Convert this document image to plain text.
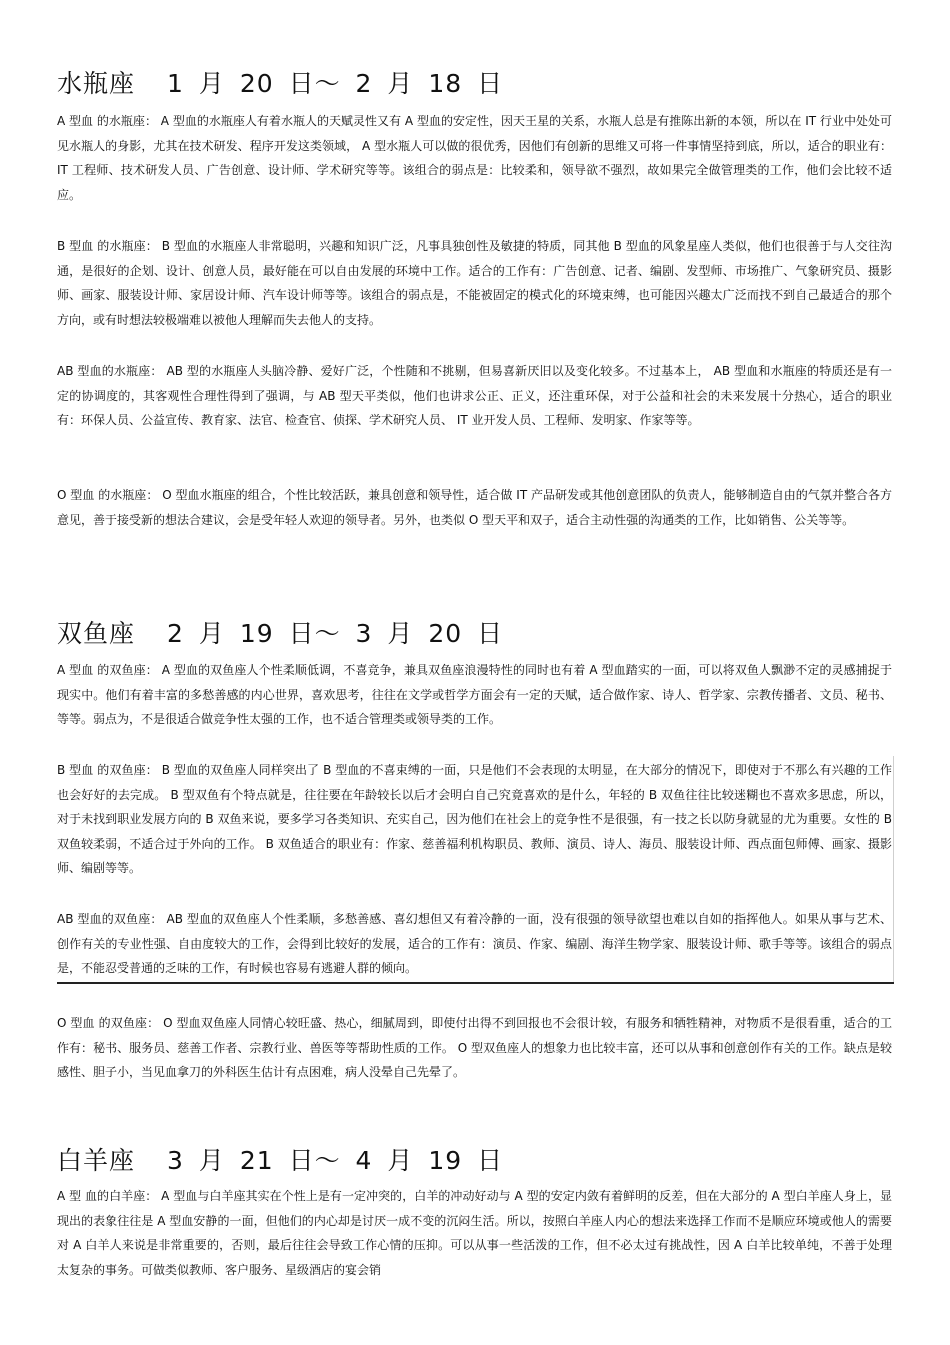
水瓶座 1 月 20 日～ 2 月 18 日

A 型血 的水瓶座： A 型血的水瓶座人有着水瓶人的天赋灵性又有 A 型血的安定性，因天王星的关系，水瓶人总是有推陈出新的本领，所以在 IT 行业中处处可见水瓶人的身影，尤其在技术研发、程序开发这类领域， A 型水瓶人可以做的很优秀，因他们有创新的思维又可将一件事情坚持到底，所以，适合的职业有： IT 工程师、技术研发人员、广告创意、设计师、学术研究等等。该组合的弱点是：比较柔和，领导欲不强烈，故如果完全做管理类的工作，他们会比较不适应。

B 型血 的水瓶座： B 型血的水瓶座人非常聪明，兴趣和知识广泛，凡事具独创性及敏捷的特质，同其他 B 型血的风象星座人类似，他们也很善于与人交往沟通，是很好的企划、设计、创意人员，最好能在可以自由发展的环境中工作。适合的工作有：广告创意、记者、编剧、发型师、市场推广、气象研究员、摄影师、画家、服装设计师、家居设计师、汽车设计师等等。该组合的弱点是，不能被固定的模式化的环境束缚，也可能因兴趣太广泛而找不到自己最适合的那个方向，或有时想法较极端难以被他人理解而失去他人的支持。

AB 型血的水瓶座： AB 型的水瓶座人头脑冷静、爱好广泛，个性随和不挑剔，但易喜新厌旧以及变化较多。不过基本上， AB 型血和水瓶座的特质还是有一定的协调度的，其客观性合理性得到了强调，与 AB 型天平类似，他们也讲求公正、正义，还注重环保，对于公益和社会的未来发展十分热心，适合的职业有：环保人员、公益宣传、教育家、法官、检查官、侦探、学术研究人员、 IT 业开发人员、工程师、发明家、作家等等。

O 型血 的水瓶座： O 型血水瓶座的组合，个性比较活跃，兼具创意和领导性，适合做 IT 产品研发或其他创意团队的负责人，能够制造自由的气氛并整合各方意见，善于接受新的想法合建议，会是受年轻人欢迎的领导者。另外，也类似 O 型天平和双子，适合主动性强的沟通类的工作，比如销售、公关等等。

双鱼座 2 月 19 日～ 3 月 20 日

A 型血 的双鱼座： A 型血的双鱼座人个性柔顺低调，不喜竞争，兼具双鱼座浪漫特性的同时也有着 A 型血踏实的一面，可以将双鱼人飘渺不定的灵感捕捉于现实中。他们有着丰富的多愁善感的内心世界，喜欢思考，往往在文学或哲学方面会有一定的天赋，适合做作家、诗人、哲学家、宗教传播者、文员、秘书、等等。弱点为，不是很适合做竞争性太强的工作，也不适合管理类或领导类的工作。

B 型血 的双鱼座： B 型血的双鱼座人同样突出了 B 型血的不喜束缚的一面，只是他们不会表现的太明显，在大部分的情况下，即使对于不那么有兴趣的工作也会好好的去完成。 B 型双鱼有个特点就是，往往要在年龄较长以后才会明白自己究竟喜欢的是什么，年轻的 B 双鱼往往比较迷糊也不喜欢多思虑，所以，对于未找到职业发展方向的 B 双鱼来说，要多学习各类知识、充实自己，因为他们在社会上的竞争性不是很强，有一技之长以防身就显的尤为重要。女性的 B 双鱼较柔弱，不适合过于外向的工作。 B 双鱼适合的职业有：作家、慈善福利机构职员、教师、演员、诗人、海员、服装设计师、西点面包师傅、画家、摄影师、编剧等等。

AB 型血的双鱼座： AB 型血的双鱼座人个性柔顺，多愁善感、喜幻想但又有着冷静的一面，没有很强的领导欲望也难以自如的指挥他人。如果从事与艺术、创作有关的专业性强、自由度较大的工作，会得到比较好的发展，适合的工作有：演员、作家、编剧、海洋生物学家、服装设计师、歌手等等。该组合的弱点是，不能忍受普通的乏味的工作，有时候也容易有逃避人群的倾向。

O 型血 的双鱼座： O 型血双鱼座人同情心较旺盛、热心，细腻周到，即使付出得不到回报也不会很计较，有服务和牺牲精神，对物质不是很看重，适合的工作有：秘书、服务员、慈善工作者、宗教行业、兽医等等帮助性质的工作。 O 型双鱼座人的想象力也比较丰富，还可以从事和创意创作有关的工作。缺点是较感性、胆子小，当见血拿刀的外科医生估计有点困难，病人没晕自己先晕了。

白羊座 3 月 21 日～ 4 月 19 日

A 型 血的白羊座： A 型血与白羊座其实在个性上是有一定冲突的，白羊的冲动好动与 A 型的安定内敛有着鲜明的反差，但在大部分的 A 型白羊座人身上，显现出的表象往往是 A 型血安静的一面，但他们的内心却是讨厌一成不变的沉闷生活。所以，按照白羊座人内心的想法来选择工作而不是顺应环境或他人的需要对 A 白羊人来说是非常重要的，否则，最后往往会导致工作心情的压抑。可以从事一些活泼的工作，但不必太过有挑战性，因 A 白羊比较单纯，不善于处理太复杂的事务。可做类似教师、客户服务、星级酒店的宴会销
